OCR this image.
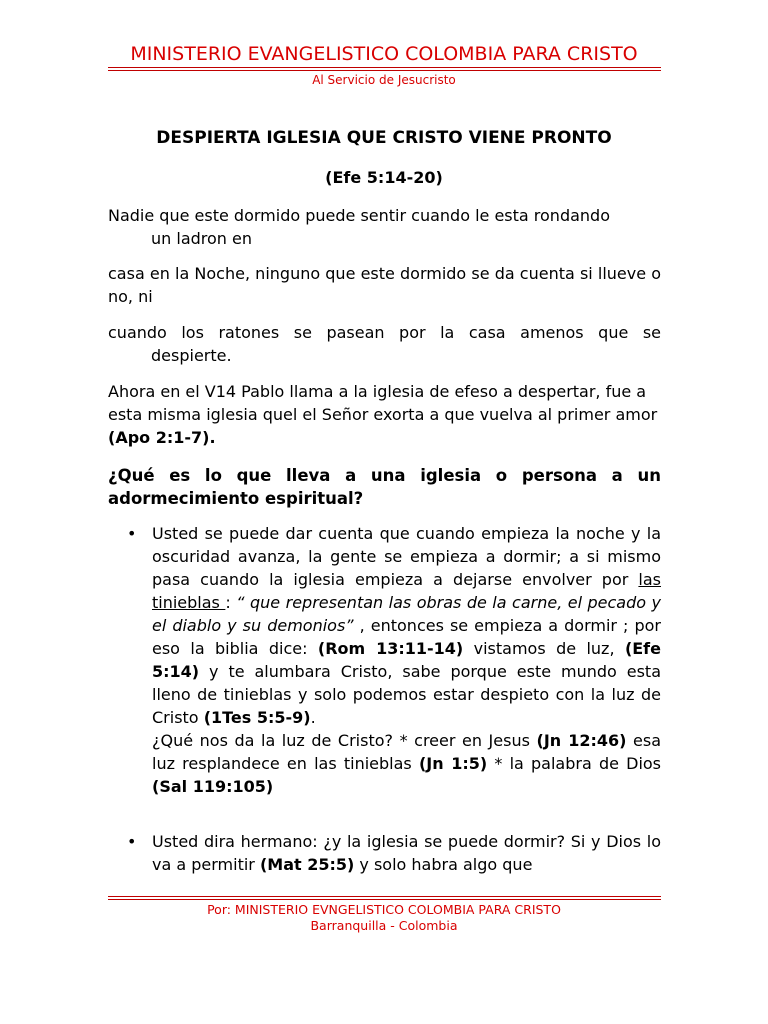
MINISTERIO EVANGELISTICO COLOMBIA PARA CRISTO
Al Servicio de Jesucristo
DESPIERTA IGLESIA QUE CRISTO VIENE PRONTO
(Efe 5:14-20)
Nadie que este dormido puede sentir cuando le esta rondando
un ladron en
casa en la Noche, ninguno que este dormido se da cuenta si llueve o no, ni
cuando los ratones se pasean por la casa amenos que se
despierte.
Ahora en el V14 Pablo llama a la iglesia de efeso a despertar, fue a esta misma iglesia quel el Señor exorta a que vuelva al primer amor (Apo 2:1-7).
¿Qué es lo que lleva a una iglesia o persona a un adormecimiento espiritual?
• Usted se puede dar cuenta que cuando empieza la noche y la oscuridad avanza, la gente se empieza a dormir; a si mismo pasa cuando la iglesia empieza a dejarse envolver por las tinieblas : “ que representan las obras de la carne, el pecado y el diablo y su demonios” , entonces se empieza a dormir ; por eso la biblia dice: (Rom 13:11-14) vistamos de luz, (Efe 5:14) y te alumbara Cristo, sabe porque este mundo esta lleno de tinieblas y solo podemos estar despieto con la luz de Cristo (1Tes 5:5-9).
¿Qué nos da la luz de Cristo? * creer en Jesus (Jn 12:46) esa luz resplandece en las tinieblas (Jn 1:5) * la palabra de Dios (Sal 119:105)
• Usted dira hermano: ¿y la iglesia se puede dormir? Si y Dios lo va a permitir (Mat 25:5) y solo habra algo que
Por: MINISTERIO EVNGELISTICO COLOMBIA PARA CRISTO
Barranquilla - Colombia
